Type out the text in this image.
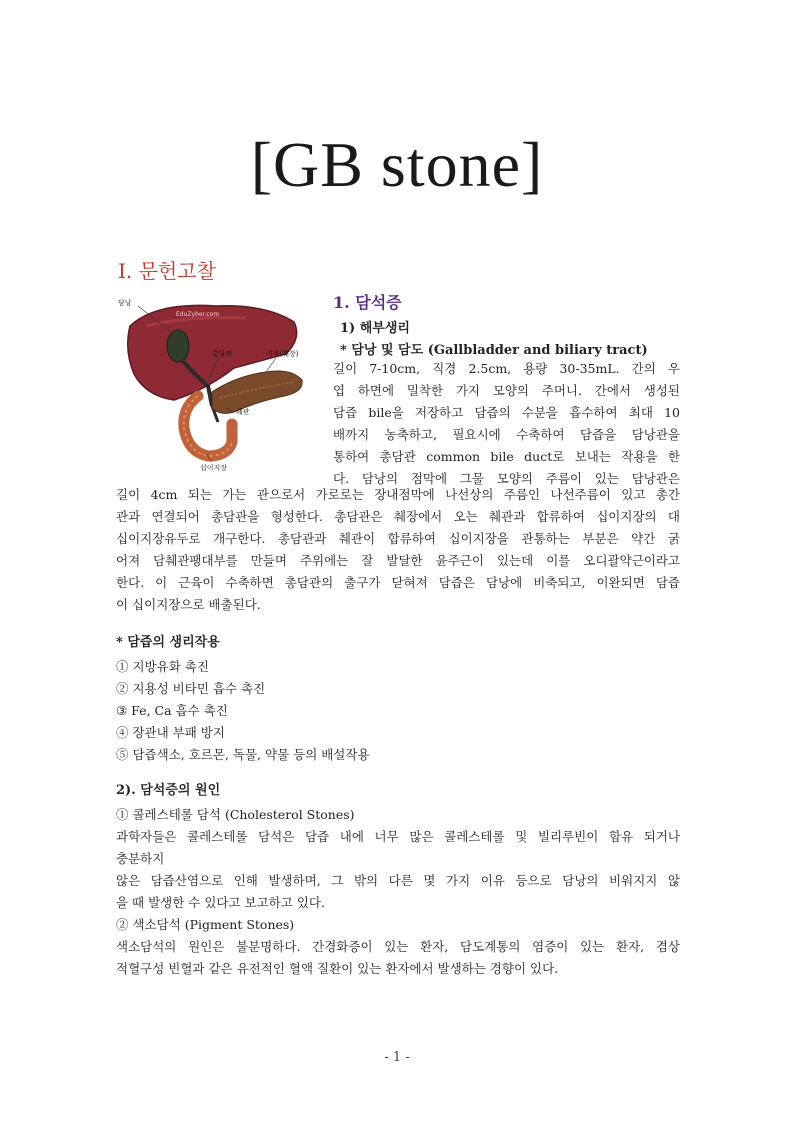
[GB stone]
Ⅰ. 문헌고찰
EduZyber.com
담낭
총담관	이자(췌장)
췌관
십이지장
1. 담석증
1) 해부생리
* 담낭 및 담도 (Gallbladder and biliary tract)
길이 7-10cm, 직경 2.5cm, 용량 30-35mL. 간의 우
엽 하면에 밀착한 가지 모양의 주머니. 간에서 생성된
담즙 bile을 저장하고 담즙의 수분을 흡수하여 최대 10
배까지 농축하고, 필요시에 수축하여 담즙을 담낭관을
통하여 총담관 common bile duct로 보내는 작용을 한
다. 담낭의 점막에 그물 모양의 주름이 있는 담낭관은
길이 4cm 되는 가는 관으로서 가로로는 장내점막에 나선상의 주름인 나선주름이 있고 총간
관과 연결되어 총담관을 형성한다. 총담관은 췌장에서 오는 췌관과 합류하여 십이지장의 대
십이지장유두로 개구한다. 총담관과 췌관이 합류하여 십이지장을 관통하는 부분은 약간 굵
어져 담췌관팽대부를 만들며 주위에는 잘 발달한 윤주근이 있는데 이를 오디괄약근이라고
한다. 이 근육이 수축하면 총담관의 출구가 닫혀져 담즙은 담낭에 비축되고, 이완되면 담즙
이 십이지장으로 배출된다.
* 담즙의 생리작용
① 지방유화 촉진
② 지용성 비타민 흡수 촉진
③ Fe, Ca 흡수 촉진
④ 장관내 부패 방지
⑤ 담즙색소, 호르몬, 독물, 약물 등의 배설작용
2). 담석증의 원인
① 콜레스테롤 담석 (Cholesterol Stones)
과학자들은 콜레스테롤 담석은 담즙 내에 너무 많은 콜레스테롤 및 빌리루빈이 함유 되거나
충분하지
않은 담즙산염으로 인해 발생하며, 그 밖의 다른 몇 가지 이유 등으로 담낭의 비워지지 않
을 때 발생한 수 있다고 보고하고 있다.
② 색소담석 (Pigment Stones)
색소담석의 원인은 불분명하다. 간경화증이 있는 환자, 담도계통의 염증이 있는 환자, 겸상
적혈구성 빈혈과 같은 유전적인 혈액 질환이 있는 환자에서 발생하는 경향이 있다.
- 1 -
